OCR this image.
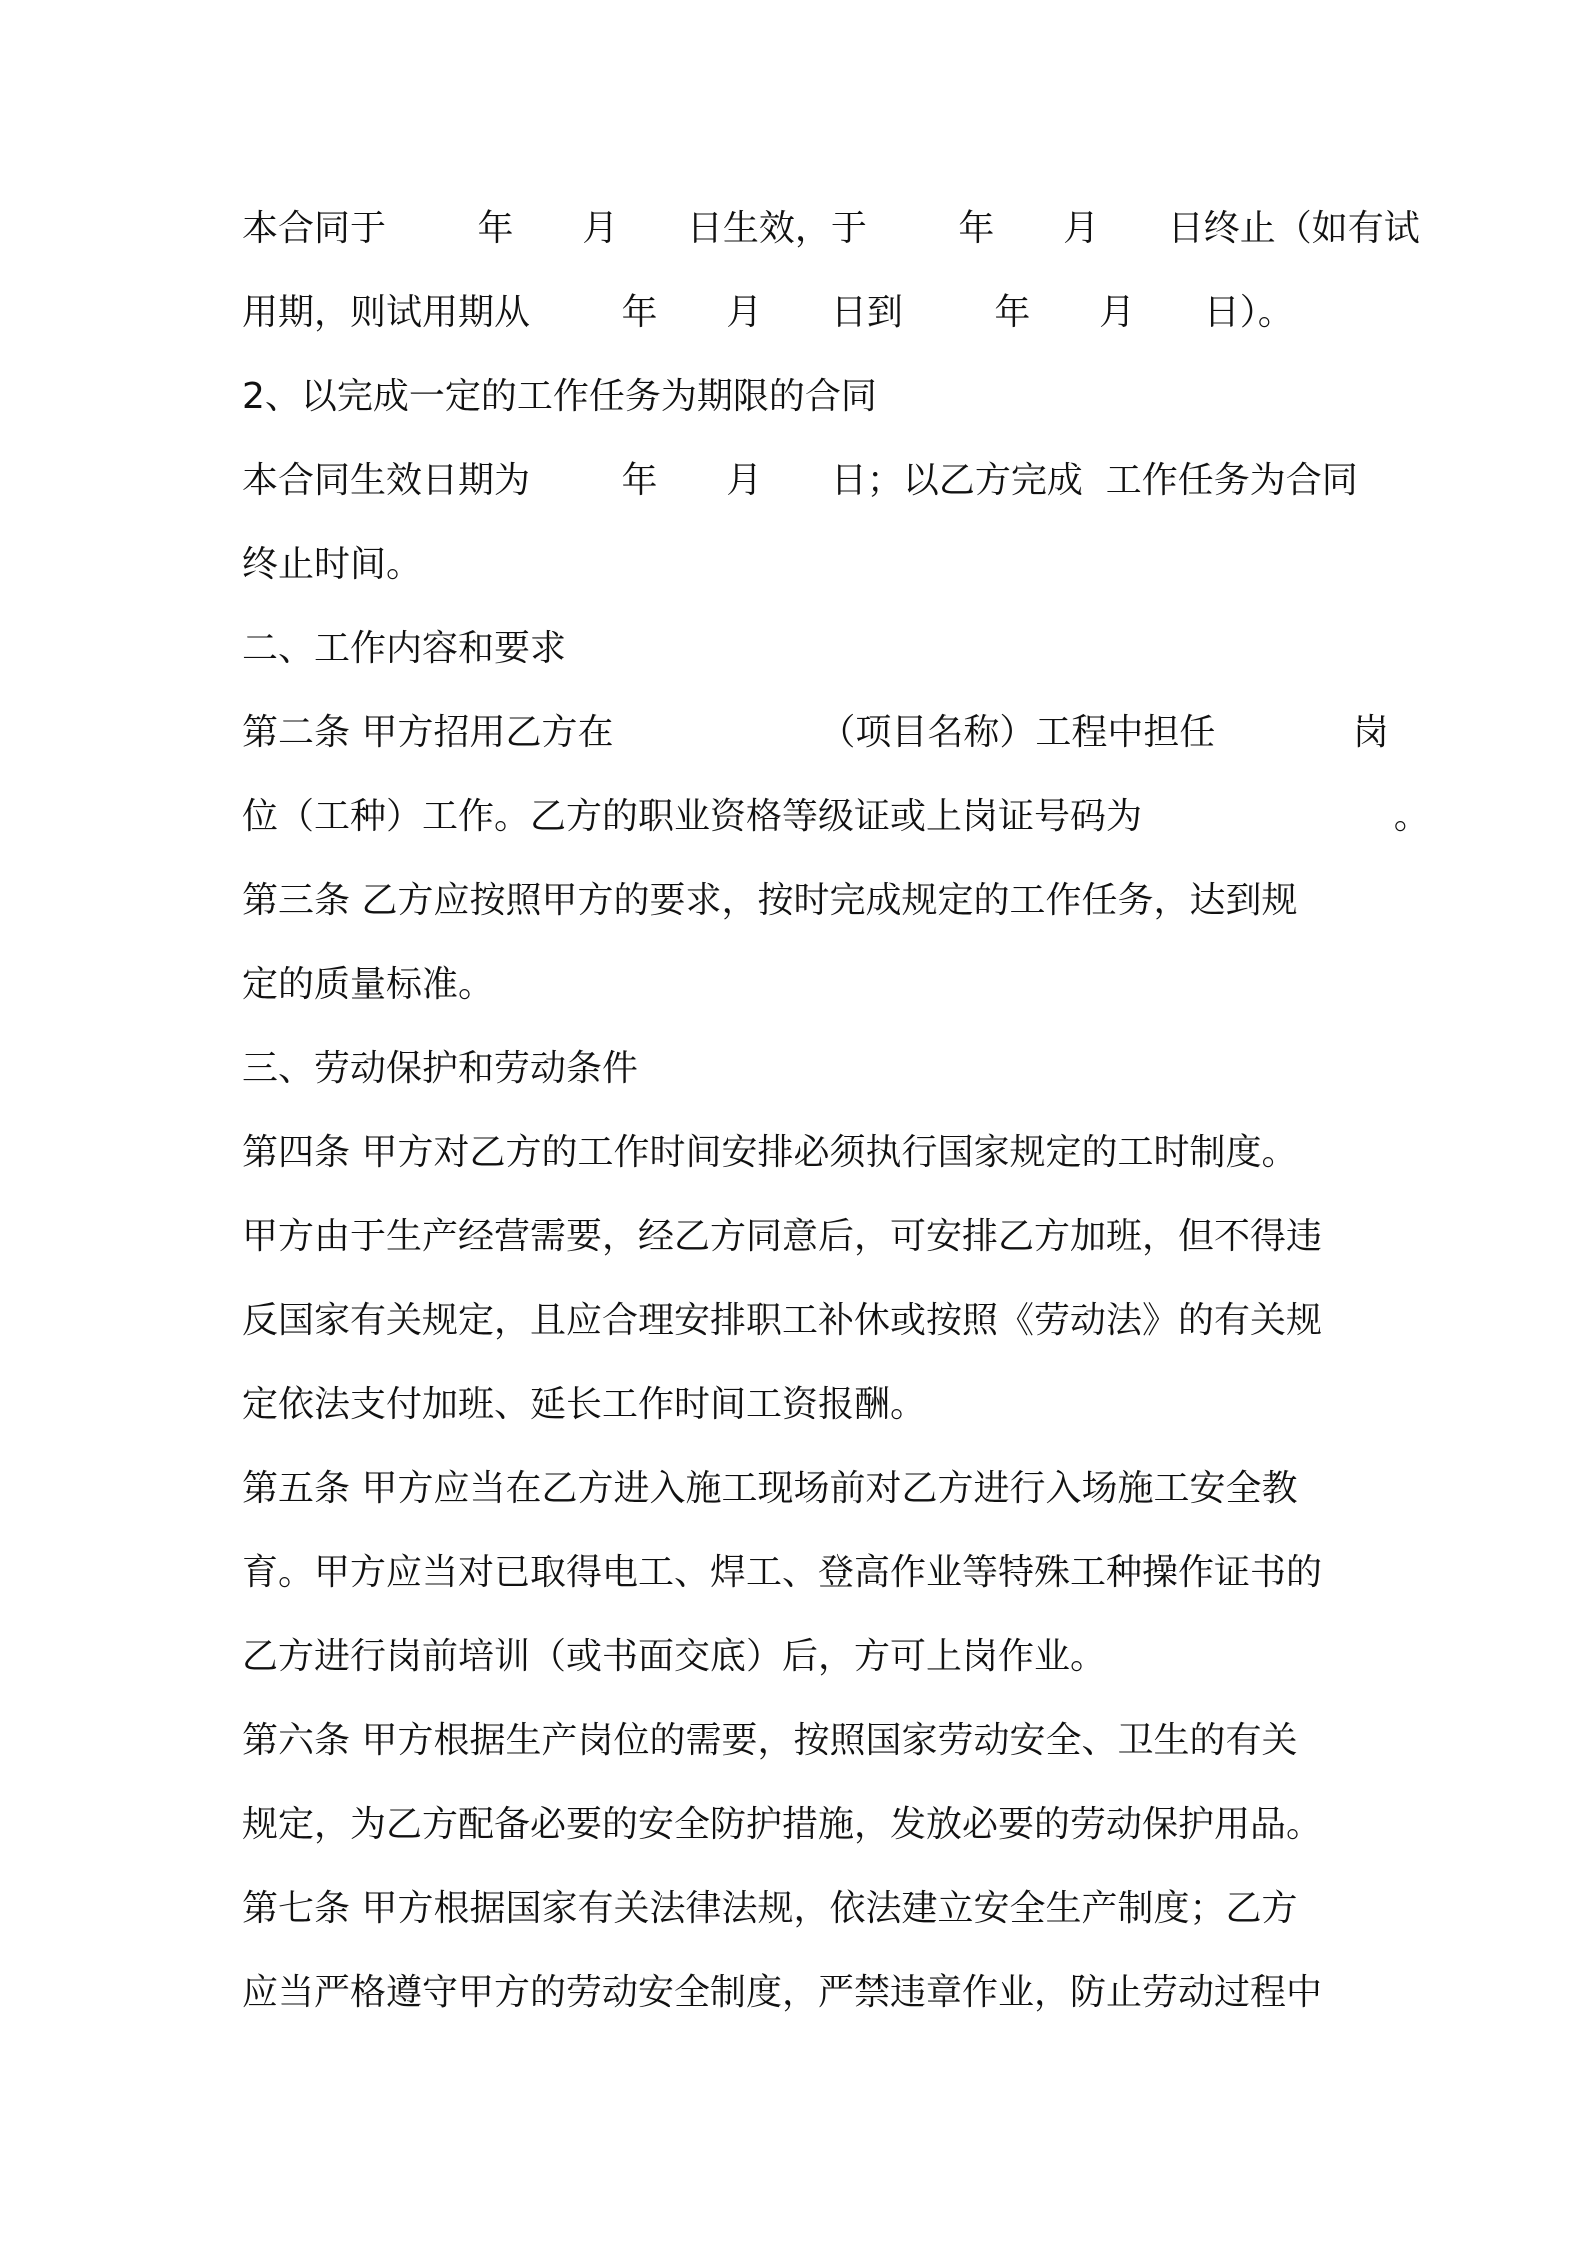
本合同于        年      月      日生效，于        年      月      日终止（如有试
用期，则试用期从        年      月      日到        年      月      日）。
2、以完成一定的工作任务为期限的合同
本合同生效日期为        年      月      日；以乙方完成  工作任务为合同
终止时间。
二、工作内容和要求
第二条 甲方招用乙方在                  （项目名称）工程中担任            岗
位（工种）工作。乙方的职业资格等级证或上岗证号码为                      。
第三条 乙方应按照甲方的要求，按时完成规定的工作任务，达到规
定的质量标准。
三、劳动保护和劳动条件
第四条 甲方对乙方的工作时间安排必须执行国家规定的工时制度。
甲方由于生产经营需要，经乙方同意后，可安排乙方加班，但不得违
反国家有关规定，且应合理安排职工补休或按照《劳动法》的有关规
定依法支付加班、延长工作时间工资报酬。
第五条 甲方应当在乙方进入施工现场前对乙方进行入场施工安全教
育。甲方应当对已取得电工、焊工、登高作业等特殊工种操作证书的
乙方进行岗前培训（或书面交底）后，方可上岗作业。
第六条 甲方根据生产岗位的需要，按照国家劳动安全、卫生的有关
规定，为乙方配备必要的安全防护措施，发放必要的劳动保护用品。
第七条 甲方根据国家有关法律法规，依法建立安全生产制度；乙方
应当严格遵守甲方的劳动安全制度，严禁违章作业，防止劳动过程中
